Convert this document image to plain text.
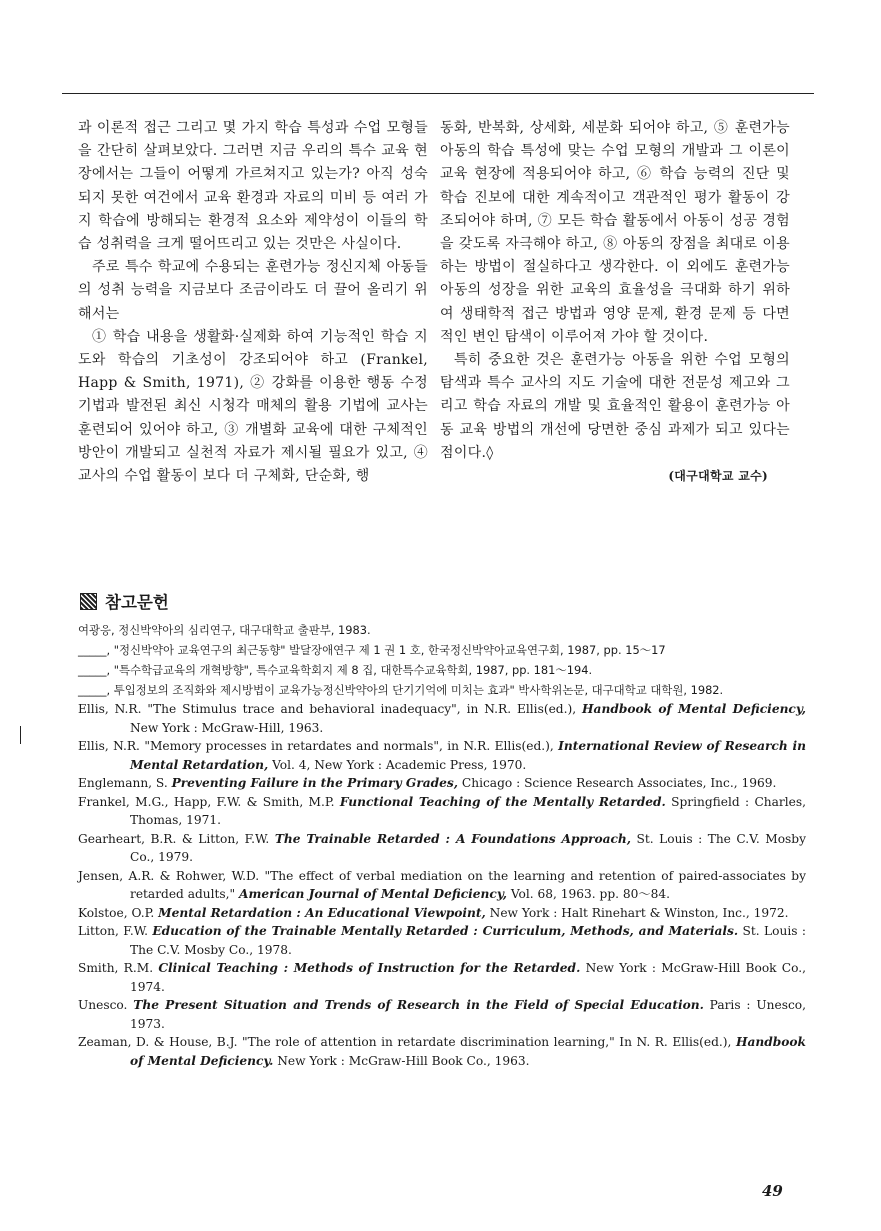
과 이론적 접근 그리고 몇 가지 학습 특성과 수업 모형들을 간단히 살펴보았다. 그러면 지금 우리의 특수 교육 현장에서는 그들이 어떻게 가르쳐지고 있는가? 아직 성숙되지 못한 여건에서 교육 환경과 자료의 미비 등 여러 가지 학습에 방해되는 환경적 요소와 제약성이 이들의 학습 성취력을 크게 떨어뜨리고 있는 것만은 사실이다.

주로 특수 학교에 수용되는 훈련가능 정신지체 아동들의 성취 능력을 지금보다 조금이라도 더 끌어 올리기 위해서는

① 학습 내용을 생활화·실제화 하여 기능적인 학습 지도와 학습의 기초성이 강조되어야 하고 (Frankel, Happ & Smith, 1971), ② 강화를 이용한 행동 수정 기법과 발전된 최신 시청각 매체의 활용 기법에 교사는 훈련되어 있어야 하고, ③ 개별화 교육에 대한 구체적인 방안이 개발되고 실천적 자료가 제시될 필요가 있고, ④ 교사의 수업 활동이 보다 더 구체화, 단순화, 행

동화, 반복화, 상세화, 세분화 되어야 하고, ⑤ 훈련가능 아동의 학습 특성에 맞는 수업 모형의 개발과 그 이론이 교육 현장에 적용되어야 하고, ⑥ 학습 능력의 진단 및 학습 진보에 대한 계속적이고 객관적인 평가 활동이 강조되어야 하며, ⑦ 모든 학습 활동에서 아동이 성공 경험을 갖도록 자극해야 하고, ⑧ 아동의 장점을 최대로 이용하는 방법이 절실하다고 생각한다. 이 외에도 훈련가능 아동의 성장을 위한 교육의 효율성을 극대화 하기 위하여 생태학적 접근 방법과 영양 문제, 환경 문제 등 다면적인 변인 탐색이 이루어져 가야 할 것이다.

특히 중요한 것은 훈련가능 아동을 위한 수업 모형의 탐색과 특수 교사의 지도 기술에 대한 전문성 제고와 그리고 학습 자료의 개발 및 효율적인 활용이 훈련가능 아동 교육 방법의 개선에 당면한 중심 과제가 되고 있다는 점이다.◊

(대구대학교 교수)
참고문헌
여광응, 정신박약아의 심리연구, 대구대학교 출판부, 1983.
_____, "정신박약아 교육연구의 최근동향" 발달장애연구 제 1 권 1 호, 한국정신박약아교육연구회, 1987, pp. 15～17
_____, "특수학급교육의 개혁방향", 특수교육학회지 제 8 집, 대한특수교육학회, 1987, pp. 181～194.
_____, 투입정보의 조직화와 제시방법이 교육가능정신박약아의 단기기억에 미치는 효과" 박사학위논문, 대구대학교 대학원, 1982.
Ellis, N.R. "The Stimulus trace and behavioral inadequacy", in N.R. Ellis(ed.), Handbook of Mental Deficiency, New York : McGraw-Hill, 1963.
Ellis, N.R. "Memory processes in retardates and normals", in N.R. Ellis(ed.), International Review of Research in Mental Retardation, Vol. 4, New York : Academic Press, 1970.
Englemann, S. Preventing Failure in the Primary Grades, Chicago : Science Research Associates, Inc., 1969.
Frankel, M.G., Happ, F.W. & Smith, M.P. Functional Teaching of the Mentally Retarded. Springfield : Charles, Thomas, 1971.
Gearheart, B.R. & Litton, F.W. The Trainable Retarded : A Foundations Approach, St. Louis : The C.V. Mosby Co., 1979.
Jensen, A.R. & Rohwer, W.D. "The effect of verbal mediation on the learning and retention of paired-associates by retarded adults," American Journal of Mental Deficiency, Vol. 68, 1963. pp. 80～84.
Kolstoe, O.P. Mental Retardation : An Educational Viewpoint, New York : Halt Rinehart & Winston, Inc., 1972.
Litton, F.W. Education of the Trainable Mentally Retarded : Curriculum, Methods, and Materials. St. Louis : The C.V. Mosby Co., 1978.
Smith, R.M. Clinical Teaching : Methods of Instruction for the Retarded. New York : McGraw-Hill Book Co., 1974.
Unesco. The Present Situation and Trends of Research in the Field of Special Education. Paris : Unesco, 1973.
Zeaman, D. & House, B.J. "The role of attention in retardate discrimination learning," In N. R. Ellis(ed.), Handbook of Mental Deficiency. New York : McGraw-Hill Book Co., 1963.
49
